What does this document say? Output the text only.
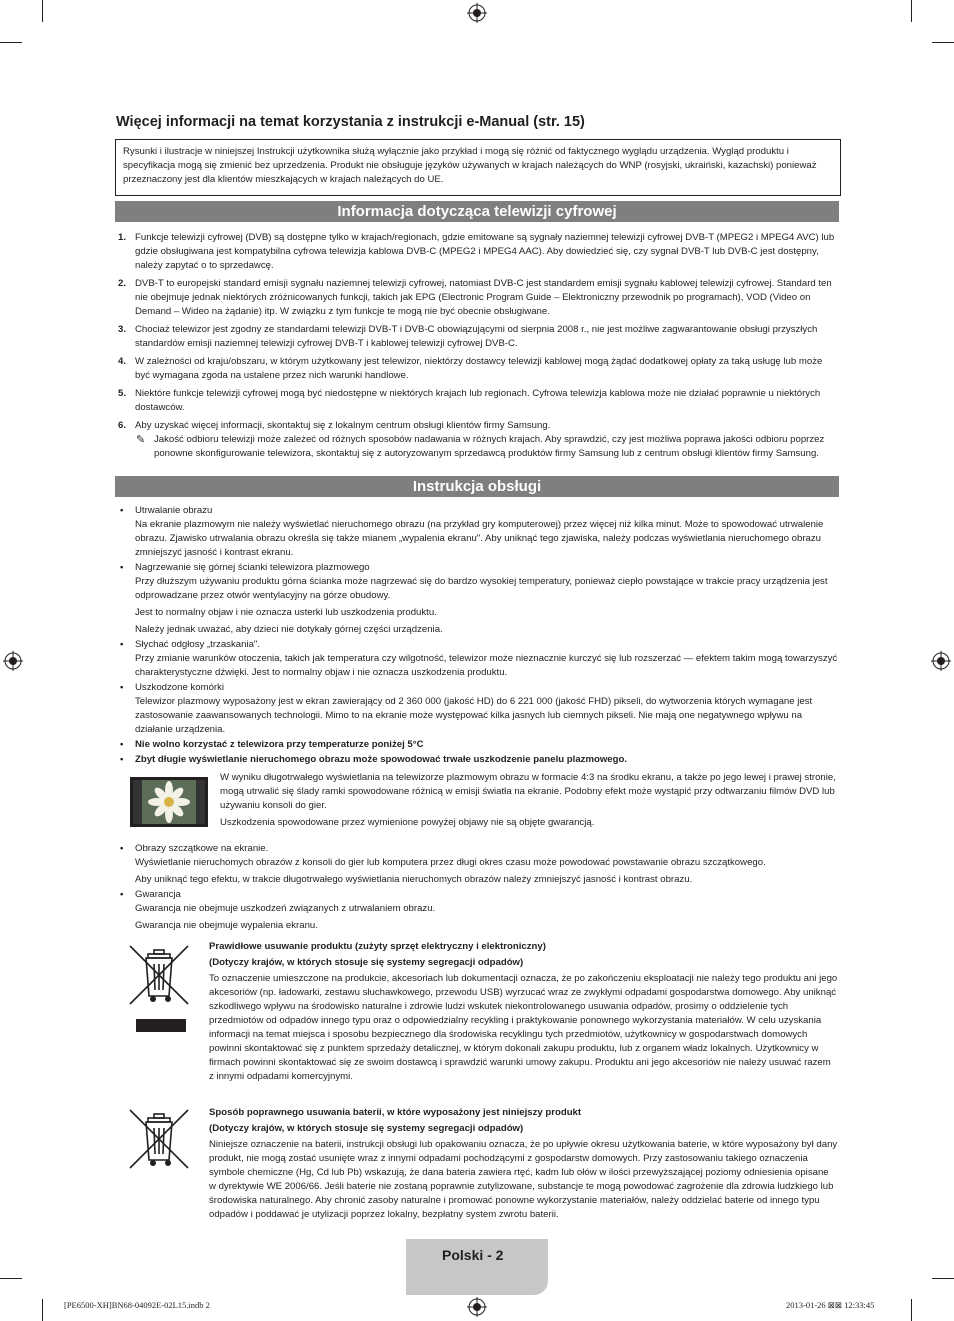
Więcej informacji na temat korzystania z instrukcji e-Manual (str. 15)
Rysunki i ilustracje w niniejszej Instrukcji użytkownika służą wyłącznie jako przykład i mogą się różnić od faktycznego wyglądu urządzenia. Wygląd produktu i specyfikacja mogą się zmienić bez uprzedzenia. Produkt nie obsługuje języków używanych w krajach należących do WNP (rosyjski, ukraiński, kazachski) ponieważ przeznaczony jest dla klientów mieszkających w krajach należących do UE.
Informacja dotycząca telewizji cyfrowej
1. Funkcje telewizji cyfrowej (DVB) są dostępne tylko w krajach/regionach, gdzie emitowane są sygnały naziemnej telewizji cyfrowej DVB-T (MPEG2 i MPEG4 AVC) lub gdzie obsługiwana jest kompatybilna cyfrowa telewizja kablowa DVB-C (MPEG2 i MPEG4 AAC). Aby dowiedzieć się, czy sygnał DVB-T lub DVB-C jest dostępny, należy zapytać o to sprzedawcę.
2. DVB-T to europejski standard emisji sygnału naziemnej telewizji cyfrowej, natomiast DVB-C jest standardem emisji sygnału kablowej telewizji cyfrowej. Standard ten nie obejmuje jednak niektórych zróżnicowanych funkcji, takich jak EPG (Electronic Program Guide – Elektroniczny przewodnik po programach), VOD (Video on Demand – Wideo na żądanie) itp. W związku z tym funkcje te mogą nie być obecnie obsługiwane.
3. Chociaż telewizor jest zgodny ze standardami telewizji DVB-T i DVB-C obowiązującymi od sierpnia 2008 r., nie jest możliwe zagwarantowanie obsługi przyszłych standardów emisji naziemnej telewizji cyfrowej DVB-T i kablowej telewizji cyfrowej DVB-C.
4. W zależności od kraju/obszaru, w którym użytkowany jest telewizor, niektórzy dostawcy telewizji kablowej mogą żądać dodatkowej opłaty za taką usługę lub może być wymagana zgoda na ustalene przez nich warunki handlowe.
5. Niektóre funkcje telewizji cyfrowej mogą być niedostępne w niektórych krajach lub regionach. Cyfrowa telewizja kablowa może nie działać poprawnie u niektórych dostawców.
6. Aby uzyskać więcej informacji, skontaktuj się z lokalnym centrum obsługi klientów firmy Samsung.
✎ Jakość odbioru telewizji może zależeć od różnych sposobów nadawania w różnych krajach. Aby sprawdzić, czy jest możliwa poprawa jakości odbioru poprzez ponowne skonfigurowanie telewizora, skontaktuj się z autoryzowanym sprzedawcą produktów firmy Samsung lub z centrum obsługi klientów firmy Samsung.
Instrukcja obsługi
• Utrwalanie obrazu

Na ekranie plazmowym nie należy wyświetlać nieruchomego obrazu (na przykład gry komputerowej) przez więcej niż kilka minut. Może to spowodować utrwalenie obrazu. Zjawisko utrwalania obrazu określa się także mianem „wypalenia ekranu". Aby uniknąć tego zjawiska, należy podczas wyświetlania nieruchomego obrazu zmniejszyć jasność i kontrast ekranu.

• Nagrzewanie się górnej ścianki telewizora plazmowego

Przy dłuższym używaniu produktu górna ścianka może nagrzewać się do bardzo wysokiej temperatury, ponieważ ciepło powstające w trakcie pracy urządzenia jest odprowadzane przez otwór wentylacyjny na górze obudowy.

Jest to normalny objaw i nie oznacza usterki lub uszkodzenia produktu.

Należy jednak uważać, aby dzieci nie dotykały górnej części urządzenia.

• Słychać odgłosy „trzaskania".

Przy zmianie warunków otoczenia, takich jak temperatura czy wilgotność, telewizor może nieznacznie kurczyć się lub rozszerzać — efektem takim mogą towarzyszyć charakterystyczne dźwięki. Jest to normalny objaw i nie oznacza uszkodzenia produktu.

• Uszkodzone komórki

Telewizor plazmowy wyposażony jest w ekran zawierający od 2 360 000 (jakość HD) do 6 221 000 (jakość FHD) pikseli, do wytworzenia których wymagane jest zastosowanie zaawansowanych technologii. Mimo to na ekranie może występować kilka jasnych lub ciemnych pikseli. Nie mają one negatywnego wpływu na działanie urządzenia.

• Nie wolno korzystać z telewizora przy temperaturze poniżej 5°C

• Zbyt długie wyświetlanie nieruchomego obrazu może spowodować trwałe uszkodzenie panelu plazmowego.

W wyniku długotrwałego wyświetlania na telewizorze plazmowym obrazu w formacie 4:3 na środku ekranu, a także po jego lewej i prawej stronie, mogą utrwalić się ślady ramki spowodowane różnicą w emisji światła na ekranie. Podobny efekt może wystąpić przy odtwarzaniu filmów DVD lub używaniu konsoli do gier.

Uszkodzenia spowodowane przez wymienione powyżej objawy nie są objęte gwarancją.

• Obrazy szczątkowe na ekranie.

Wyświetlanie nieruchomych obrazów z konsoli do gier lub komputera przez długi okres czasu może powodować powstawanie obrazu szczątkowego.

Aby uniknąć tego efektu, w trakcie długotrwałego wyświetlania nieruchomych obrazów należy zmniejszyć jasność i kontrast obrazu.

• Gwarancja

Gwarancja nie obejmuje uszkodzeń związanych z utrwalaniem obrazu.

Gwarancja nie obejmuje wypalenia ekranu.

Prawidłowe usuwanie produktu (zużyty sprzęt elektryczny i elektroniczny)

(Dotyczy krajów, w których stosuje się systemy segregacji odpadów)

To oznaczenie umieszczone na produkcie, akcesoriach lub dokumentacji oznacza, że po zakończeniu eksploatacji nie należy tego produktu ani jego akcesoriów (np. ładowarki, zestawu słuchawkowego, przewodu USB) wyrzucać wraz ze zwykłymi odpadami gospodarstwa domowego. Aby uniknąć szkodliwego wpływu na środowisko naturalne i zdrowie ludzi wskutek niekontrolowanego usuwania odpadów, prosimy o oddzielenie tych przedmiotów od odpadów innego typu oraz o odpowiedzialny recykling i praktykowanie ponownego wykorzystania materiałów. W celu uzyskania informacji na temat miejsca i sposobu bezpiecznego dla środowiska recyklingu tych przedmiotów, użytkownicy w gospodarstwach domowych powinni skontaktować się z punktem sprzedaży detalicznej, w którym dokonali zakupu produktu, lub z organem władz lokalnych. Użytkownicy w firmach powinni skontaktować się ze swoim dostawcą i sprawdzić warunki umowy zakupu. Produktu ani jego akcesoriów nie należy usuwać razem z innymi odpadami komercyjnymi.

Sposób poprawnego usuwania baterii, w które wyposażony jest niniejszy produkt

(Dotyczy krajów, w których stosuje się systemy segregacji odpadów)

Niniejsze oznaczenie na baterii, instrukcji obsługi lub opakowaniu oznacza, że po upływie okresu użytkowania baterie, w które wyposażony był dany produkt, nie mogą zostać usunięte wraz z innymi odpadami pochodzącymi z gospodarstw domowych. Przy zastosowaniu takiego oznaczenia symbole chemiczne (Hg, Cd lub Pb) wskazują, że dana bateria zawiera rtęć, kadm lub ołów w ilości przewyższającej poziomy odniesienia opisane w dyrektywie WE 2006/66. Jeśli baterie nie zostaną poprawnie zutylizowane, substancje te mogą powodować zagrożenie dla zdrowia ludzkiego lub środowiska naturalnego. Aby chronić zasoby naturalne i promować ponowne wykorzystanie materiałów, należy oddzielać baterie od innego typu odpadów i poddawać je utylizacji poprzez lokalny, bezpłatny system zwrotu baterii.

Polski - 2
[PE6500-XH]BN68-04092E-02L15.indb 2	2013-01-26 ⊠⊠ 12:33:45
